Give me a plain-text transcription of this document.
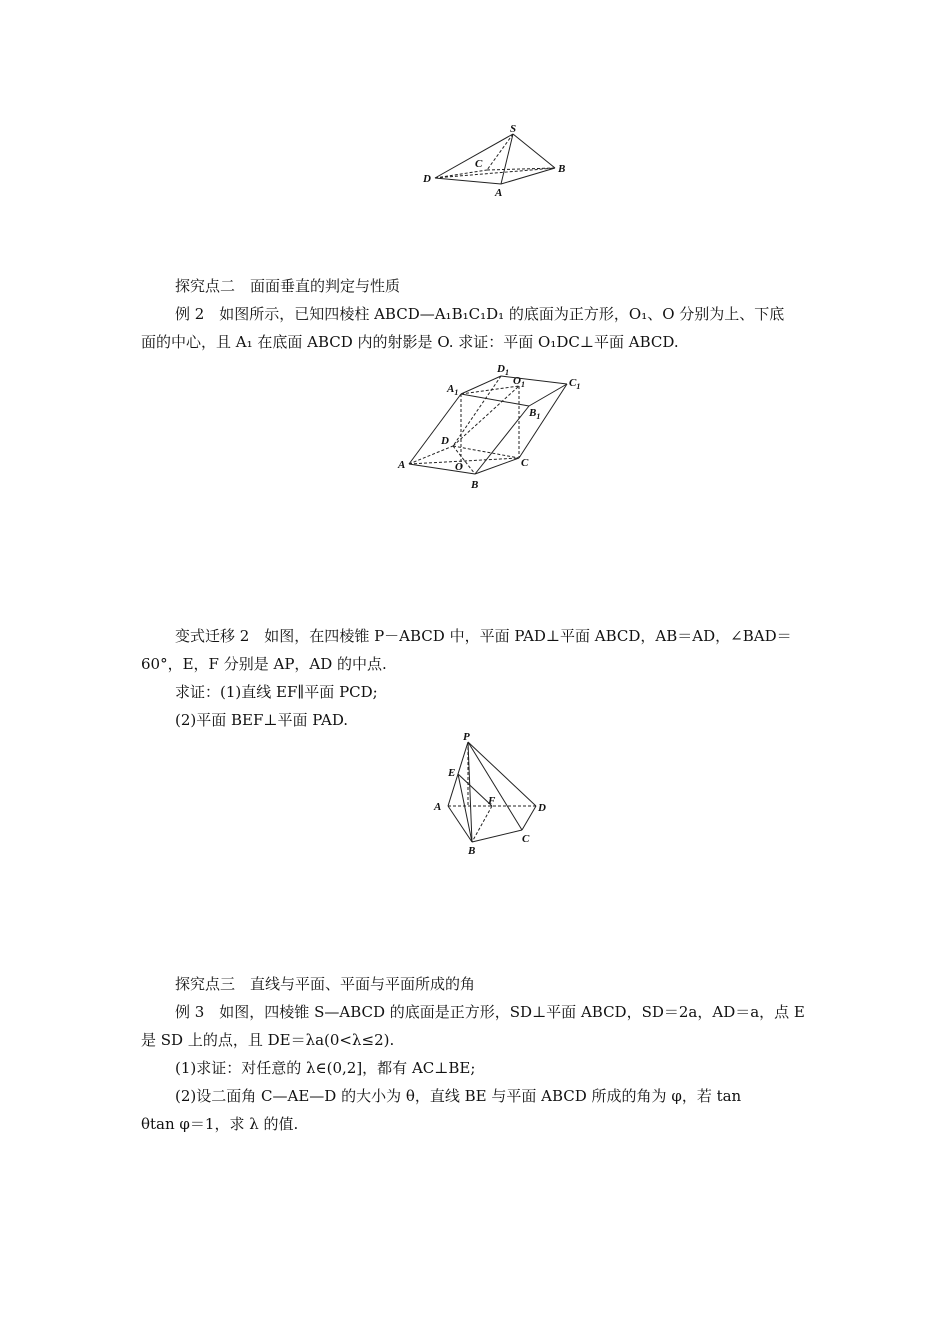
S
C	B
D
A
探究点二　面面垂直的判定与性质
例 2　如图所示，已知四棱柱 ABCD—A₁B₁C₁D₁ 的底面为正方形，O₁、O 分别为上、下底
面的中心，且 A₁ 在底面 ABCD 内的射影是 O. 求证：平面 O₁DC⊥平面 ABCD.
$D_1$
$A_1$
$O_1$	$C_1$
$B_1$
D
A	O	C
B
变式迁移 2　如图，在四棱锥 P－ABCD 中，平面 PAD⊥平面 ABCD，AB＝AD，∠BAD＝
60°，E，F 分别是 AP，AD 的中点.
求证：(1)直线 EF∥平面 PCD;
(2)平面 BEF⊥平面 PAD.
P
E
A	F
D
C
B
探究点三　直线与平面、平面与平面所成的角
例 3　如图，四棱锥 S—ABCD 的底面是正方形，SD⊥平面 ABCD，SD＝2a，AD＝a，点 E
是 SD 上的点，且 DE＝λa(0<λ≤2).
(1)求证：对任意的 λ∈(0,2]，都有 AC⊥BE;
(2)设二面角 C—AE—D 的大小为 θ，直线 BE 与平面 ABCD 所成的角为 φ，若 tan
θtan φ＝1，求 λ 的值.
